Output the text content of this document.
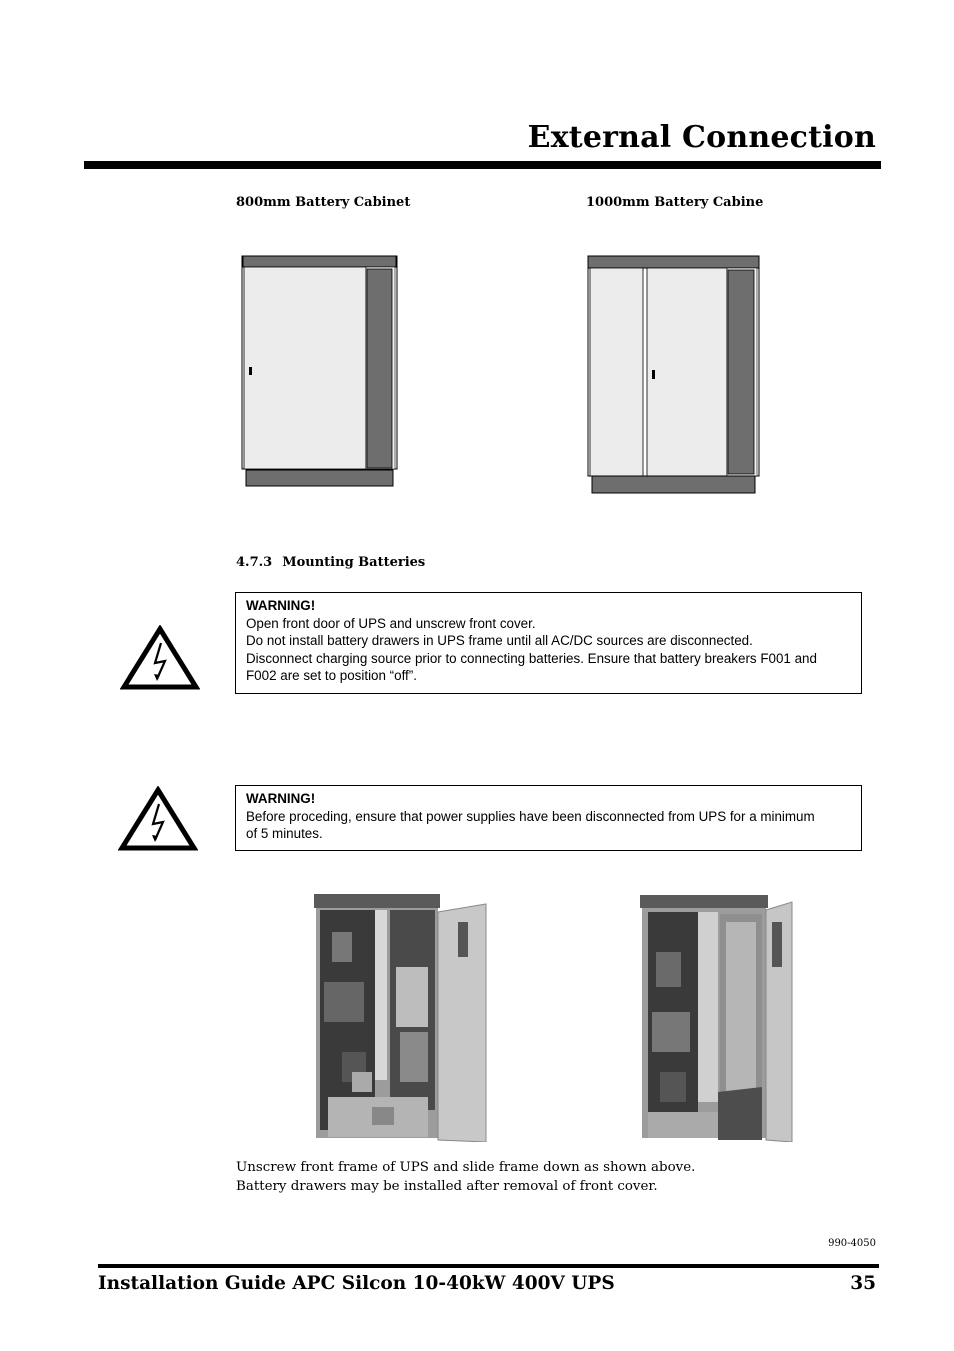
External Connection
800mm Battery Cabinet	1000mm Battery Cabine
4.7.3 Mounting Batteries
WARNING!
Open front door of UPS and unscrew front cover.
Do not install battery drawers in UPS frame until all AC/DC sources are disconnected.
Disconnect charging source prior to connecting batteries. Ensure that battery breakers F001 and
F002 are set to position “off”.
WARNING!
Before proceding, ensure that power supplies have been disconnected from UPS for a minimum
of 5 minutes.
Unscrew front frame of UPS and slide frame down as shown above.
Battery drawers may be installed after removal of front cover.
990-4050
Installation Guide APC Silcon 10-40kW 400V UPS	35
